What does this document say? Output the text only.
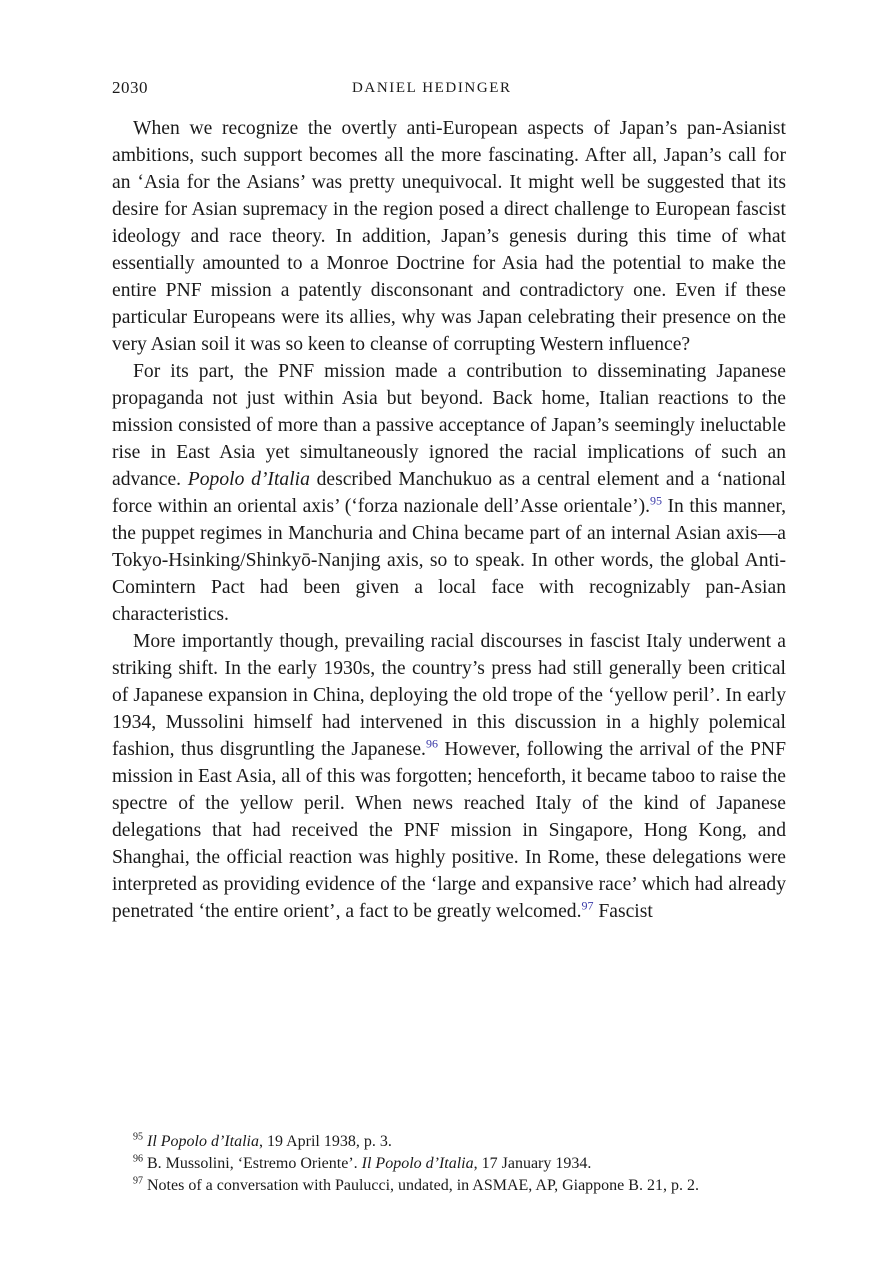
2030	DANIEL HEDINGER

When we recognize the overtly anti-European aspects of Japan’s pan-Asianist ambitions, such support becomes all the more fascinating. After all, Japan’s call for an ‘Asia for the Asians’ was pretty unequivocal. It might well be suggested that its desire for Asian supremacy in the region posed a direct challenge to European fascist ideology and race theory. In addition, Japan’s genesis during this time of what essentially amounted to a Monroe Doctrine for Asia had the potential to make the entire PNF mission a patently disconsonant and contradictory one. Even if these particular Europeans were its allies, why was Japan celebrating their presence on the very Asian soil it was so keen to cleanse of corrupting Western influence?

For its part, the PNF mission made a contribution to disseminating Japanese propaganda not just within Asia but beyond. Back home, Italian reactions to the mission consisted of more than a passive acceptance of Japan’s seemingly ineluctable rise in East Asia yet simultaneously ignored the racial implications of such an advance. Popolo d’Italia described Manchukuo as a central element and a ‘national force within an oriental axis’ (‘forza nazionale dell’Asse orientale’).$^{95}$ In this manner, the puppet regimes in Manchuria and China became part of an internal Asian axis—a Tokyo-Hsinking/Shinkyō-Nanjing axis, so to speak. In other words, the global Anti-Comintern Pact had been given a local face with recognizably pan-Asian characteristics.

More importantly though, prevailing racial discourses in fascist Italy underwent a striking shift. In the early 1930s, the country’s press had still generally been critical of Japanese expansion in China, deploying the old trope of the ‘yellow peril’. In early 1934, Mussolini himself had intervened in this discussion in a highly polemical fashion, thus disgruntling the Japanese.$^{96}$ However, following the arrival of the PNF mission in East Asia, all of this was forgotten; henceforth, it became taboo to raise the spectre of the yellow peril. When news reached Italy of the kind of Japanese delegations that had received the PNF mission in Singapore, Hong Kong, and Shanghai, the official reaction was highly positive. In Rome, these delegations were interpreted as providing evidence of the ‘large and expansive race’ which had already penetrated ‘the entire orient’, a fact to be greatly welcomed.$^{97}$ Fascist

$^{95}$ Il Popolo d’Italia, 19 April 1938, p. 3.

$^{96}$ B. Mussolini, ‘Estremo Oriente’. Il Popolo d’Italia, 17 January 1934.

$^{97}$ Notes of a conversation with Paulucci, undated, in ASMAE, AP, Giappone B. 21, p. 2.
